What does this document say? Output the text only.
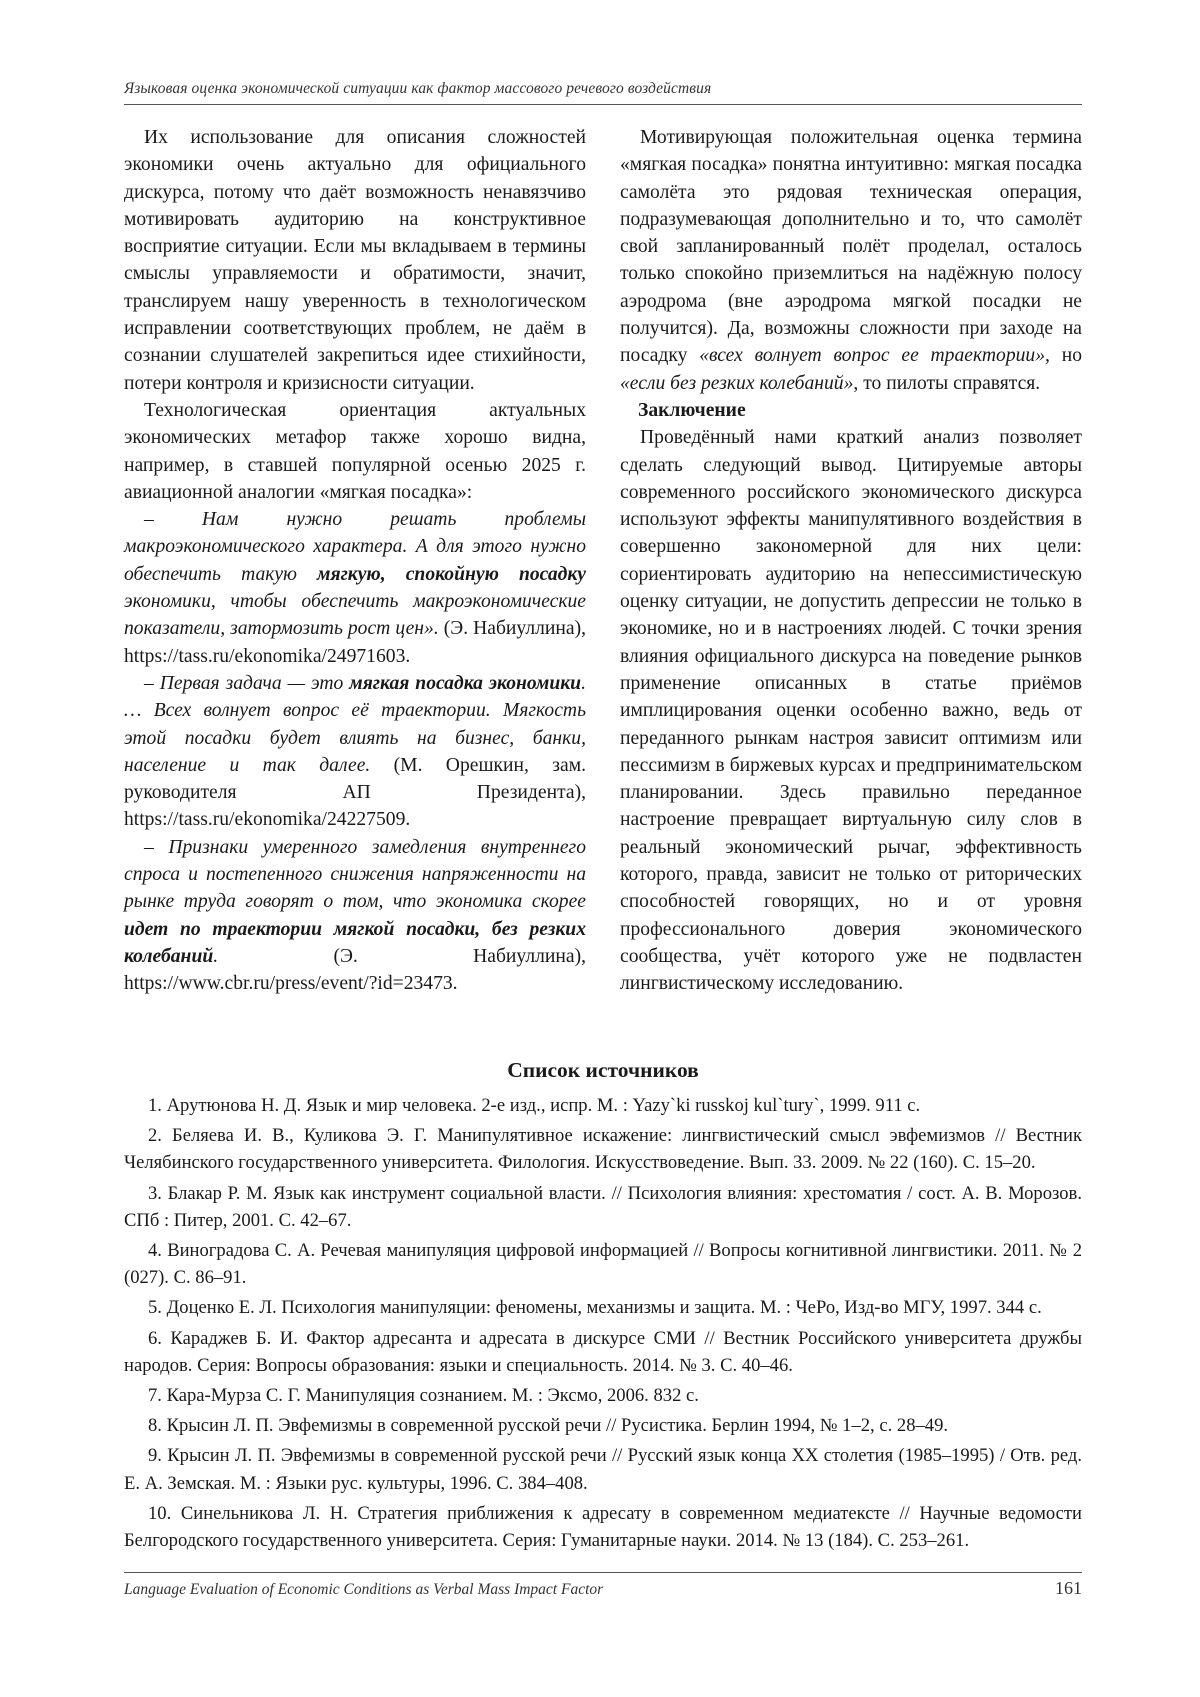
Языковая оценка экономической ситуации как фактор массового речевого воздействия

Их использование для описания сложностей экономики очень актуально для официального дискурса, потому что даёт возможность ненавязчиво мотивировать аудиторию на конструктивное восприятие ситуации. Если мы вкладываем в термины смыслы управляемости и обратимости, значит, транслируем нашу уверенность в технологическом исправлении соответствующих проблем, не даём в сознании слушателей закрепиться идее стихийности, потери контроля и кризисности ситуации.

Технологическая ориентация актуальных экономических метафор также хорошо видна, например, в ставшей популярной осенью 2025 г. авиационной аналогии «мягкая посадка»:

– Нам нужно решать проблемы макроэкономического характера. А для этого нужно обеспечить такую мягкую, спокойную посадку экономики, чтобы обеспечить макроэкономические показатели, затормозить рост цен». (Э. Набиуллина), https://tass.ru/ekonomika/24971603.

– Первая задача — это мягкая посадка экономики. … Всех волнует вопрос её траектории. Мягкость этой посадки будет влиять на бизнес, банки, население и так далее. (М. Орешкин, зам. руководителя АП Президента), https://tass.ru/ekonomika/24227509.

– Признаки умеренного замедления внутреннего спроса и постепенного снижения напряженности на рынке труда говорят о том, что экономика скорее идет по траектории мягкой посадки, без резких колебаний. (Э. Набиуллина), https://www.cbr.ru/press/event/?id=23473.

Мотивирующая положительная оценка термина «мягкая посадка» понятна интуитивно: мягкая посадка самолёта это рядовая техническая операция, подразумевающая дополнительно и то, что самолёт свой запланированный полёт проделал, осталось только спокойно приземлиться на надёжную полосу аэродрома (вне аэродрома мягкой посадки не получится). Да, возможны сложности при заходе на посадку «всех волнует вопрос ее траектории», но «если без резких колебаний», то пилоты справятся.

Заключение

Проведённый нами краткий анализ позволяет сделать следующий вывод. Цитируемые авторы современного российского экономического дискурса используют эффекты манипулятивного воздействия в совершенно закономерной для них цели: сориентировать аудиторию на непессимистическую оценку ситуации, не допустить депрессии не только в экономике, но и в настроениях людей. С точки зрения влияния официального дискурса на поведение рынков применение описанных в статье приёмов имплицирования оценки особенно важно, ведь от переданного рынкам настроя зависит оптимизм или пессимизм в биржевых курсах и предпринимательском планировании. Здесь правильно переданное настроение превращает виртуальную силу слов в реальный экономический рычаг, эффективность которого, правда, зависит не только от риторических способностей говорящих, но и от уровня профессионального доверия экономического сообщества, учёт которого уже не подвластен лингвистическому исследованию.

Список источников
1. Арутюнова Н. Д. Язык и мир человека. 2-е изд., испр. М. : Yazy`ki russkoj kul`tury`, 1999. 911 с.
2. Беляева И. В., Куликова Э. Г. Манипулятивное искажение: лингвистический смысл эвфемизмов // Вестник Челябинского государственного университета. Филология. Искусствоведение. Вып. 33. 2009. № 22 (160). С. 15–20.
3. Блакар Р. М. Язык как инструмент социальной власти. // Психология влияния: хрестоматия / сост. А. В. Морозов. СПб : Питер, 2001. С. 42–67.
4. Виноградова С. А. Речевая манипуляция цифровой информацией // Вопросы когнитивной лингвистики. 2011. № 2 (027). С. 86–91.
5. Доценко Е. Л. Психология манипуляции: феномены, механизмы и защита. М. : ЧеРо, Изд-во МГУ, 1997. 344 с.
6. Караджев Б. И. Фактор адресанта и адресата в дискурсе СМИ // Вестник Российского университета дружбы народов. Серия: Вопросы образования: языки и специальность. 2014. № 3. С. 40–46.
7. Кара-Мурза С. Г. Манипуляция сознанием. М. : Эксмо, 2006. 832 с.
8. Крысин Л. П. Эвфемизмы в современной русской речи // Русистика. Берлин 1994, № 1–2, с. 28–49.
9. Крысин Л. П. Эвфемизмы в современной русской речи // Русский язык конца XX столетия (1985–1995) / Отв. ред. Е. А. Земская. М. : Языки рус. культуры, 1996. С. 384–408.
10. Синельникова Л. Н. Стратегия приближения к адресату в современном медиатексте // Научные ведомости Белгородского государственного университета. Серия: Гуманитарные науки. 2014. № 13 (184). С. 253–261.
Language Evaluation of Economic Conditions as Verbal Mass Impact Factor	161
